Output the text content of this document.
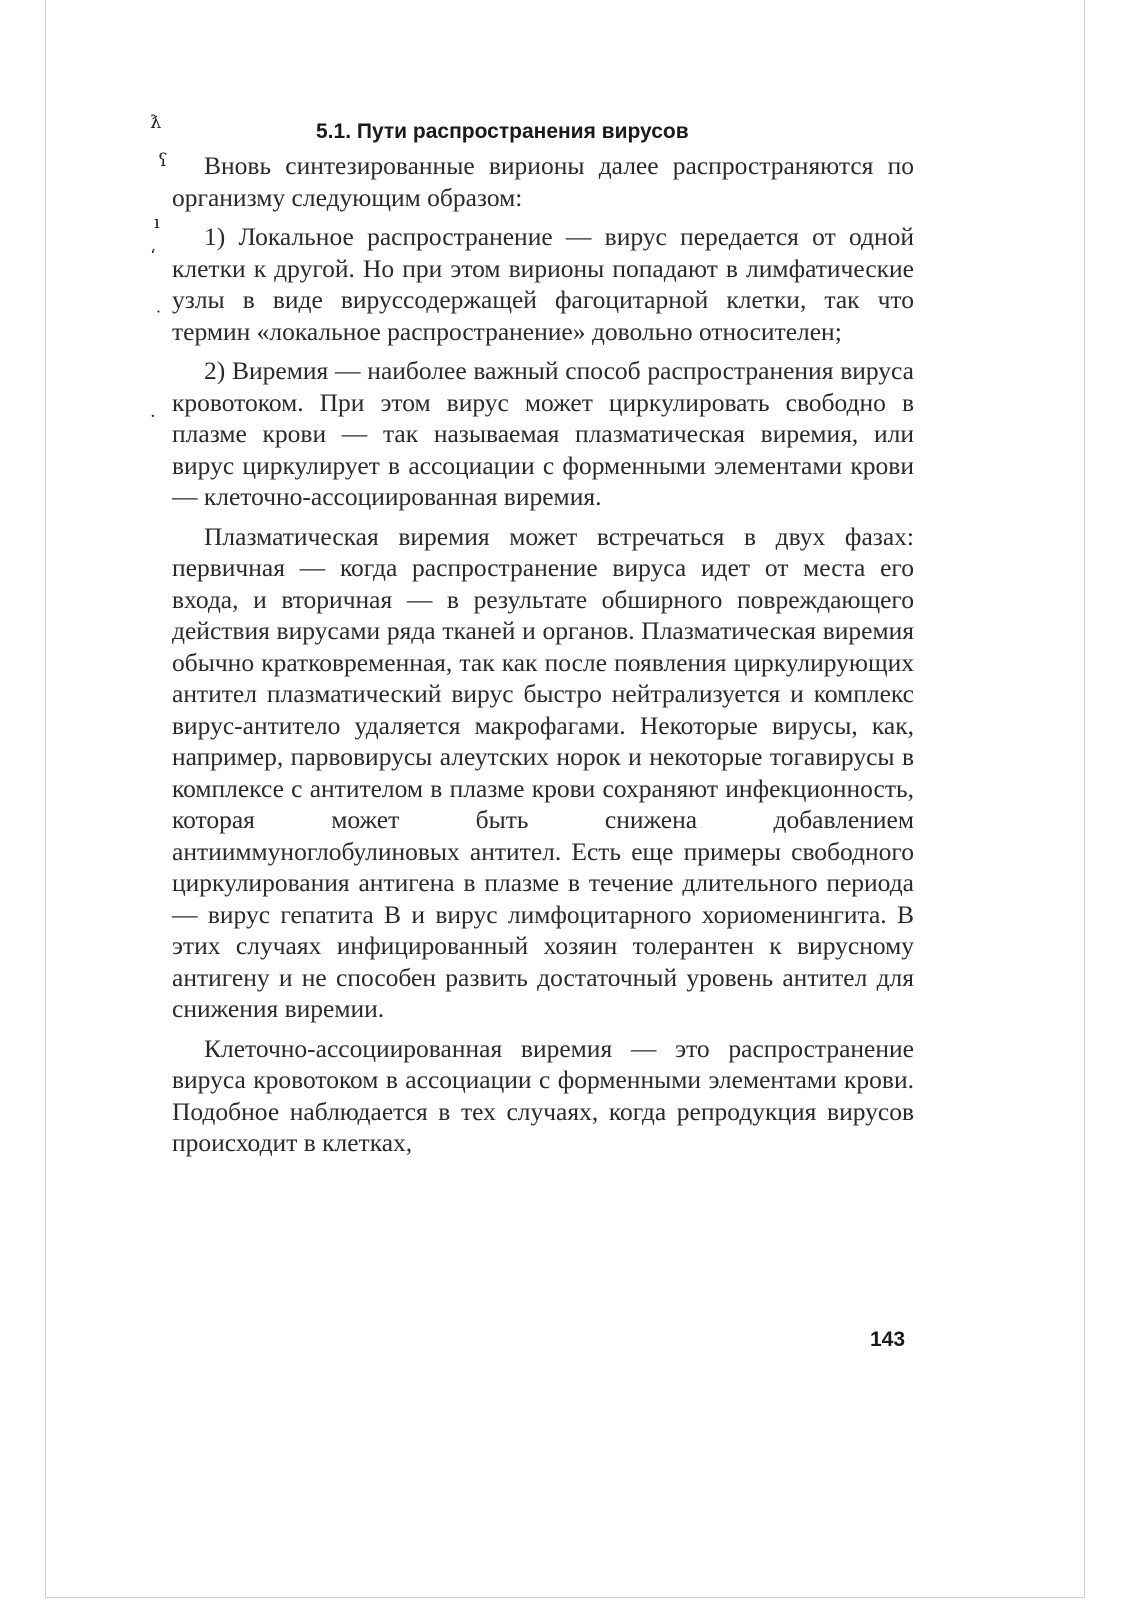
ƛ
ʕ
ı
ʻ
˙
·
5.1. Пути распространения вирусов

Вновь синтезированные вирионы далее распространяются по организму следующим образом:

1) Локальное распространение — вирус передается от одной клетки к другой. Но при этом вирионы попадают в лимфатические узлы в виде вируссодержащей фагоцитарной клетки, так что термин «локальное распространение» довольно относителен;

2) Виремия — наиболее важный способ распространения вируса кровотоком. При этом вирус может циркулировать свободно в плазме крови — так называемая плазматическая виремия, или вирус циркулирует в ассоциации с форменными элементами крови — клеточно-ассоциированная виремия.

Плазматическая виремия может встречаться в двух фазах: первичная — когда распространение вируса идет от места его входа, и вторичная — в результате обширного повреждающего действия вирусами ряда тканей и органов. Плазматическая виремия обычно кратковременная, так как после появления циркулирующих антител плазматический вирус быстро нейтрализуется и комплекс вирус-антитело удаляется макрофагами. Некоторые вирусы, как, например, парвовирусы алеутских норок и некоторые тогавирусы в комплексе с антителом в плазме крови сохраняют инфекционность, которая может быть снижена добавлением антииммуноглобулиновых антител. Есть еще примеры свободного циркулирования антигена в плазме в течение длительного периода — вирус гепатита В и вирус лимфоцитарного хориоменингита. В этих случаях инфицированный хозяин толерантен к вирусному антигену и не способен развить достаточный уровень антител для снижения виремии.

Клеточно-ассоциированная виремия — это распространение вируса кровотоком в ассоциации с форменными элементами крови. Подобное наблюдается в тех случаях, когда репродукция вирусов происходит в клетках,

143
